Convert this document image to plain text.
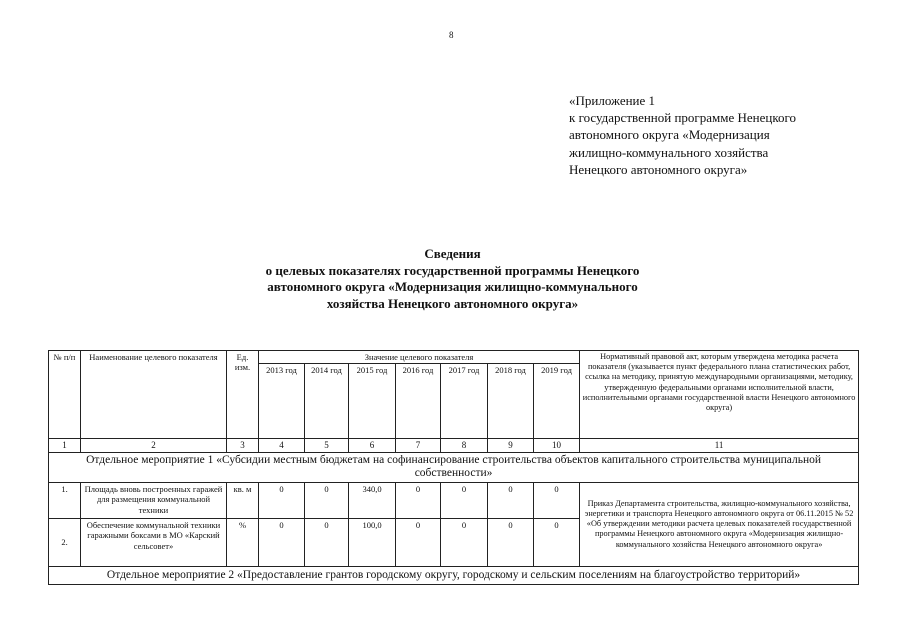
8
«Приложение 1
к государственной программе Ненецкого
автономного округа «Модернизация
жилищно-коммунального хозяйства
Ненецкого автономного округа»
Сведения
о целевых показателях государственной программы Ненецкого
автономного округа «Модернизация жилищно-коммунального
хозяйства Ненецкого автономного округа»
№ п/п	Наименование целевого показателя	Ед. изм.	Значение целевого показателя							Нормативный правовой акт, которым утверждена методика расчета показателя (указывается пункт федерального плана статистических работ, ссылка на методику, принятую международными организациями, методику, утвержденную федеральными органами исполнительной власти, исполнительными органами государственной власти Ненецкого автономного округа)
			2013 год	2014 год	2015 год	2016 год	2017 год	2018 год	2019 год	
1	2	3	4	5	6	7	8	9	10	11
Отдельное мероприятие 1 «Субсидии местным бюджетам на софинансирование строительства объектов капитального строительства муниципальной собственности»										
1.	Площадь вновь построенных гаражей для размещения коммунальной техники	кв. м	0	0	340,0	0	0	0	0	Приказ Департамента строительства, жилищно-коммунального хозяйства, энергетики и транспорта Ненецкого автономного округа от 06.11.2015 № 52 «Об утверждении методики расчета целевых показателей государственной программы Ненецкого автономного округа «Модернизация жилищно-коммунального хозяйства Ненецкого автономного округа»
2.	Обеспечение коммунальной техники гаражными боксами в МО «Карский сельсовет»	%	0	0	100,0	0	0	0	0	
Отдельное мероприятие 2 «Предоставление грантов городскому округу, городскому и сельским поселениям на благоустройство территорий»										
